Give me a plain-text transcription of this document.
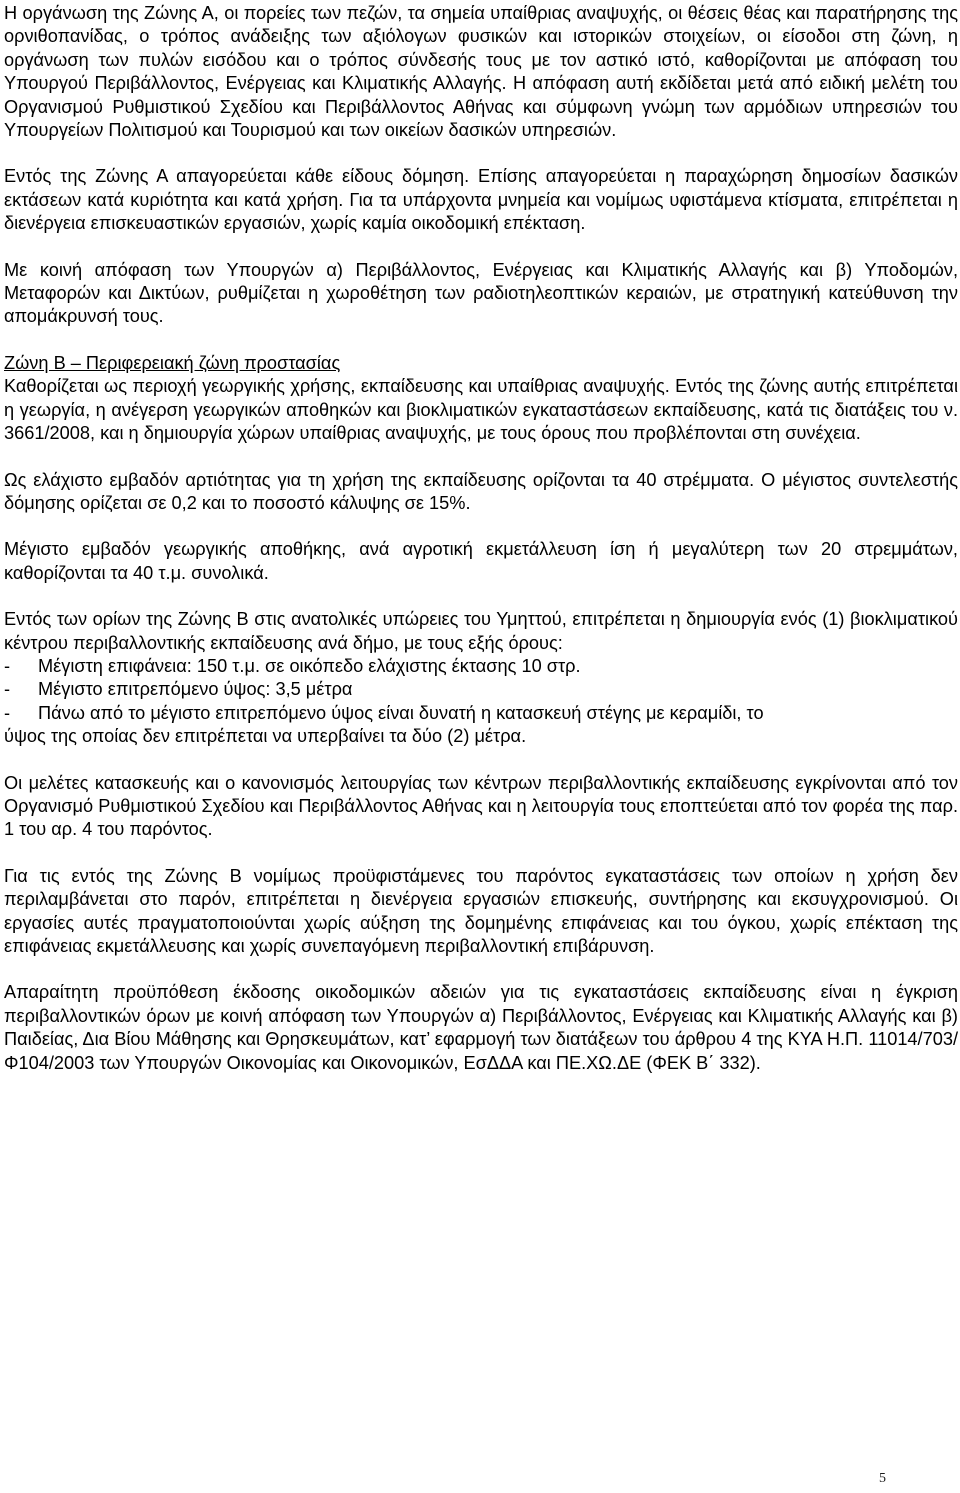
Η οργάνωση της Ζώνης Α, οι πορείες των πεζών, τα σημεία υπαίθριας αναψυχής, οι θέσεις θέας και παρατήρησης της ορνιθοπανίδας, ο τρόπος ανάδειξης των αξιόλογων φυσικών και ιστορικών στοιχείων, οι είσοδοι στη ζώνη, η οργάνωση των πυλών εισόδου και ο τρόπος σύνδεσής τους με τον αστικό ιστό, καθορίζονται με απόφαση του Υπουργού Περιβάλλοντος, Ενέργειας και Κλιματικής Αλλαγής. Η απόφαση αυτή εκδίδεται μετά από ειδική μελέτη του Οργανισμού Ρυθμιστικού Σχεδίου και Περιβάλλοντος Αθήνας και σύμφωνη γνώμη των αρμόδιων υπηρεσιών του Υπουργείων Πολιτισμού και Τουρισμού και των οικείων δασικών υπηρεσιών.

Εντός της Ζώνης Α απαγορεύεται κάθε είδους δόμηση. Επίσης απαγορεύεται η παραχώρηση δημοσίων δασικών εκτάσεων κατά κυριότητα και κατά χρήση. Για τα υπάρχοντα μνημεία και νομίμως υφιστάμενα κτίσματα, επιτρέπεται η διενέργεια επισκευαστικών εργασιών, χωρίς καμία οικοδομική επέκταση.

Με κοινή απόφαση των Υπουργών α) Περιβάλλοντος, Ενέργειας και Κλιματικής Αλλαγής και β) Υποδομών, Μεταφορών και Δικτύων, ρυθμίζεται η χωροθέτηση των ραδιοτηλεοπτικών κεραιών, με στρατηγική κατεύθυνση την απομάκρυνσή τους.

Ζώνη Β – Περιφερειακή ζώνη προστασίας

Καθορίζεται ως περιοχή γεωργικής χρήσης, εκπαίδευσης και υπαίθριας αναψυχής. Εντός της ζώνης αυτής επιτρέπεται η γεωργία, η ανέγερση γεωργικών αποθηκών και βιοκλιματικών εγκαταστάσεων εκπαίδευσης, κατά τις διατάξεις του ν. 3661/2008, και η δημιουργία χώρων υπαίθριας αναψυχής, με τους όρους που προβλέπονται στη συνέχεια.

Ως ελάχιστο εμβαδόν αρτιότητας για τη χρήση της εκπαίδευσης ορίζονται τα 40 στρέμματα. Ο μέγιστος συντελεστής δόμησης ορίζεται σε 0,2 και το ποσοστό κάλυψης σε 15%.

Μέγιστο εμβαδόν γεωργικής αποθήκης, ανά αγροτική εκμετάλλευση ίση ή μεγαλύτερη των 20 στρεμμάτων, καθορίζονται τα 40 τ.μ. συνολικά.

Εντός των ορίων της Ζώνης Β στις ανατολικές υπώρειες του Υμηττού, επιτρέπεται η δημιουργία ενός (1) βιοκλιματικού κέντρου περιβαλλοντικής εκπαίδευσης ανά δήμο, με τους εξής όρους:

- Μέγιστη επιφάνεια: 150 τ.μ. σε οικόπεδο ελάχιστης έκτασης 10 στρ.

- Μέγιστο επιτρεπόμενο ύψος: 3,5 μέτρα

- Πάνω από το μέγιστο επιτρεπόμενο ύψος είναι δυνατή η κατασκευή στέγης με κεραμίδι, το

ύψος της οποίας δεν επιτρέπεται να υπερβαίνει τα δύο (2) μέτρα.

Οι μελέτες κατασκευής και ο κανονισμός λειτουργίας των κέντρων περιβαλλοντικής εκπαίδευσης εγκρίνονται από τον Οργανισμό Ρυθμιστικού Σχεδίου και Περιβάλλοντος Αθήνας και η λειτουργία τους εποπτεύεται από τον φορέα της παρ. 1 του αρ. 4 του παρόντος.

Για τις εντός της Ζώνης Β νομίμως προϋφιστάμενες του παρόντος εγκαταστάσεις των οποίων η χρήση δεν περιλαμβάνεται στο παρόν, επιτρέπεται η διενέργεια εργασιών επισκευής, συντήρησης και εκσυγχρονισμού. Οι εργασίες αυτές πραγματοποιούνται χωρίς αύξηση της δομημένης επιφάνειας και του όγκου, χωρίς επέκταση της επιφάνειας εκμετάλλευσης και χωρίς συνεπαγόμενη περιβαλλοντική επιβάρυνση.

Απαραίτητη προϋπόθεση έκδοσης οικοδομικών αδειών για τις εγκαταστάσεις εκπαίδευσης είναι η έγκριση περιβαλλοντικών όρων με κοινή απόφαση των Υπουργών α) Περιβάλλοντος, Ενέργειας και Κλιματικής Αλλαγής και β) Παιδείας, Δια Βίου Μάθησης και Θρησκευμάτων, κατ’ εφαρμογή των διατάξεων του άρθρου 4 της ΚΥΑ Η.Π. 11014/703/Φ104/2003 των Υπουργών Οικονομίας και Οικονομικών, ΕσΔΔΑ και ΠΕ.ΧΩ.ΔΕ (ΦΕΚ Β΄ 332).

5
